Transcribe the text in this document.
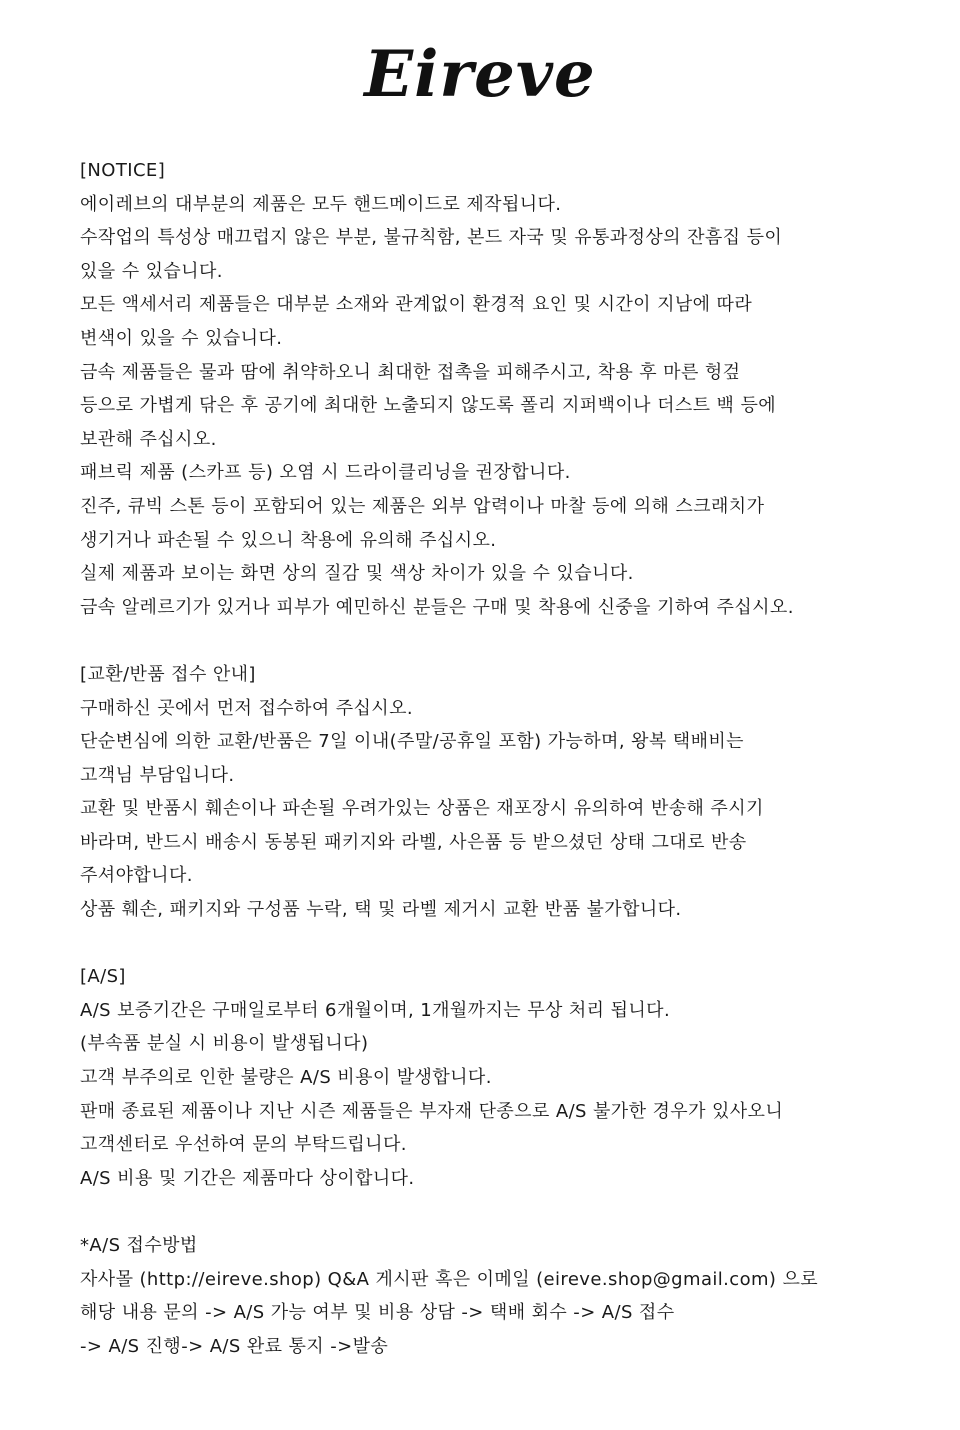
Eireve
[NOTICE]
에이레브의 대부분의 제품은 모두 핸드메이드로 제작됩니다.
수작업의 특성상 매끄럽지 않은 부분, 불규칙함, 본드 자국 및 유통과정상의 잔흠집 등이
있을 수 있습니다.
모든 액세서리 제품들은 대부분 소재와 관계없이 환경적 요인 및 시간이 지남에 따라
변색이 있을 수 있습니다.
금속 제품들은 물과 땀에 취약하오니 최대한 접촉을 피해주시고, 착용 후 마른 헝겊
등으로 가볍게 닦은 후 공기에 최대한 노출되지 않도록 폴리 지퍼백이나 더스트 백 등에
보관해 주십시오.
패브릭 제품 (스카프 등) 오염 시 드라이클리닝을 권장합니다.
진주, 큐빅 스톤 등이 포함되어 있는 제품은 외부 압력이나 마찰 등에 의해 스크래치가
생기거나 파손될 수 있으니 착용에 유의해 주십시오.
실제 제품과 보이는 화면 상의 질감 및 색상 차이가 있을 수 있습니다.
금속 알레르기가 있거나 피부가 예민하신 분들은 구매 및 착용에 신중을 기하여 주십시오.
[교환/반품 접수 안내]
구매하신 곳에서 먼저 접수하여 주십시오.
단순변심에 의한 교환/반품은 7일 이내(주말/공휴일 포함) 가능하며, 왕복 택배비는
고객님 부담입니다.
교환 및 반품시 훼손이나 파손될 우려가있는 상품은 재포장시 유의하여 반송해 주시기
바라며, 반드시 배송시 동봉된 패키지와 라벨, 사은품 등 받으셨던 상태 그대로 반송
주셔야합니다.
상품 훼손, 패키지와 구성품 누락, 택 및 라벨 제거시 교환 반품 불가합니다.
[A/S]
A/S 보증기간은 구매일로부터 6개월이며, 1개월까지는 무상 처리 됩니다.
(부속품 분실 시 비용이 발생됩니다)
고객 부주의로 인한 불량은 A/S 비용이 발생합니다.
판매 종료된 제품이나 지난 시즌 제품들은 부자재 단종으로 A/S 불가한 경우가 있사오니
고객센터로 우선하여 문의 부탁드립니다.
A/S 비용 및 기간은 제품마다 상이합니다.
*A/S 접수방법
자사몰 (http://eireve.shop) Q&A 게시판 혹은 이메일 (eireve.shop@gmail.com) 으로
해당 내용 문의 -> A/S 가능 여부 및 비용 상담 -> 택배 회수 -> A/S 접수
-> A/S 진행-> A/S 완료 통지 ->발송
